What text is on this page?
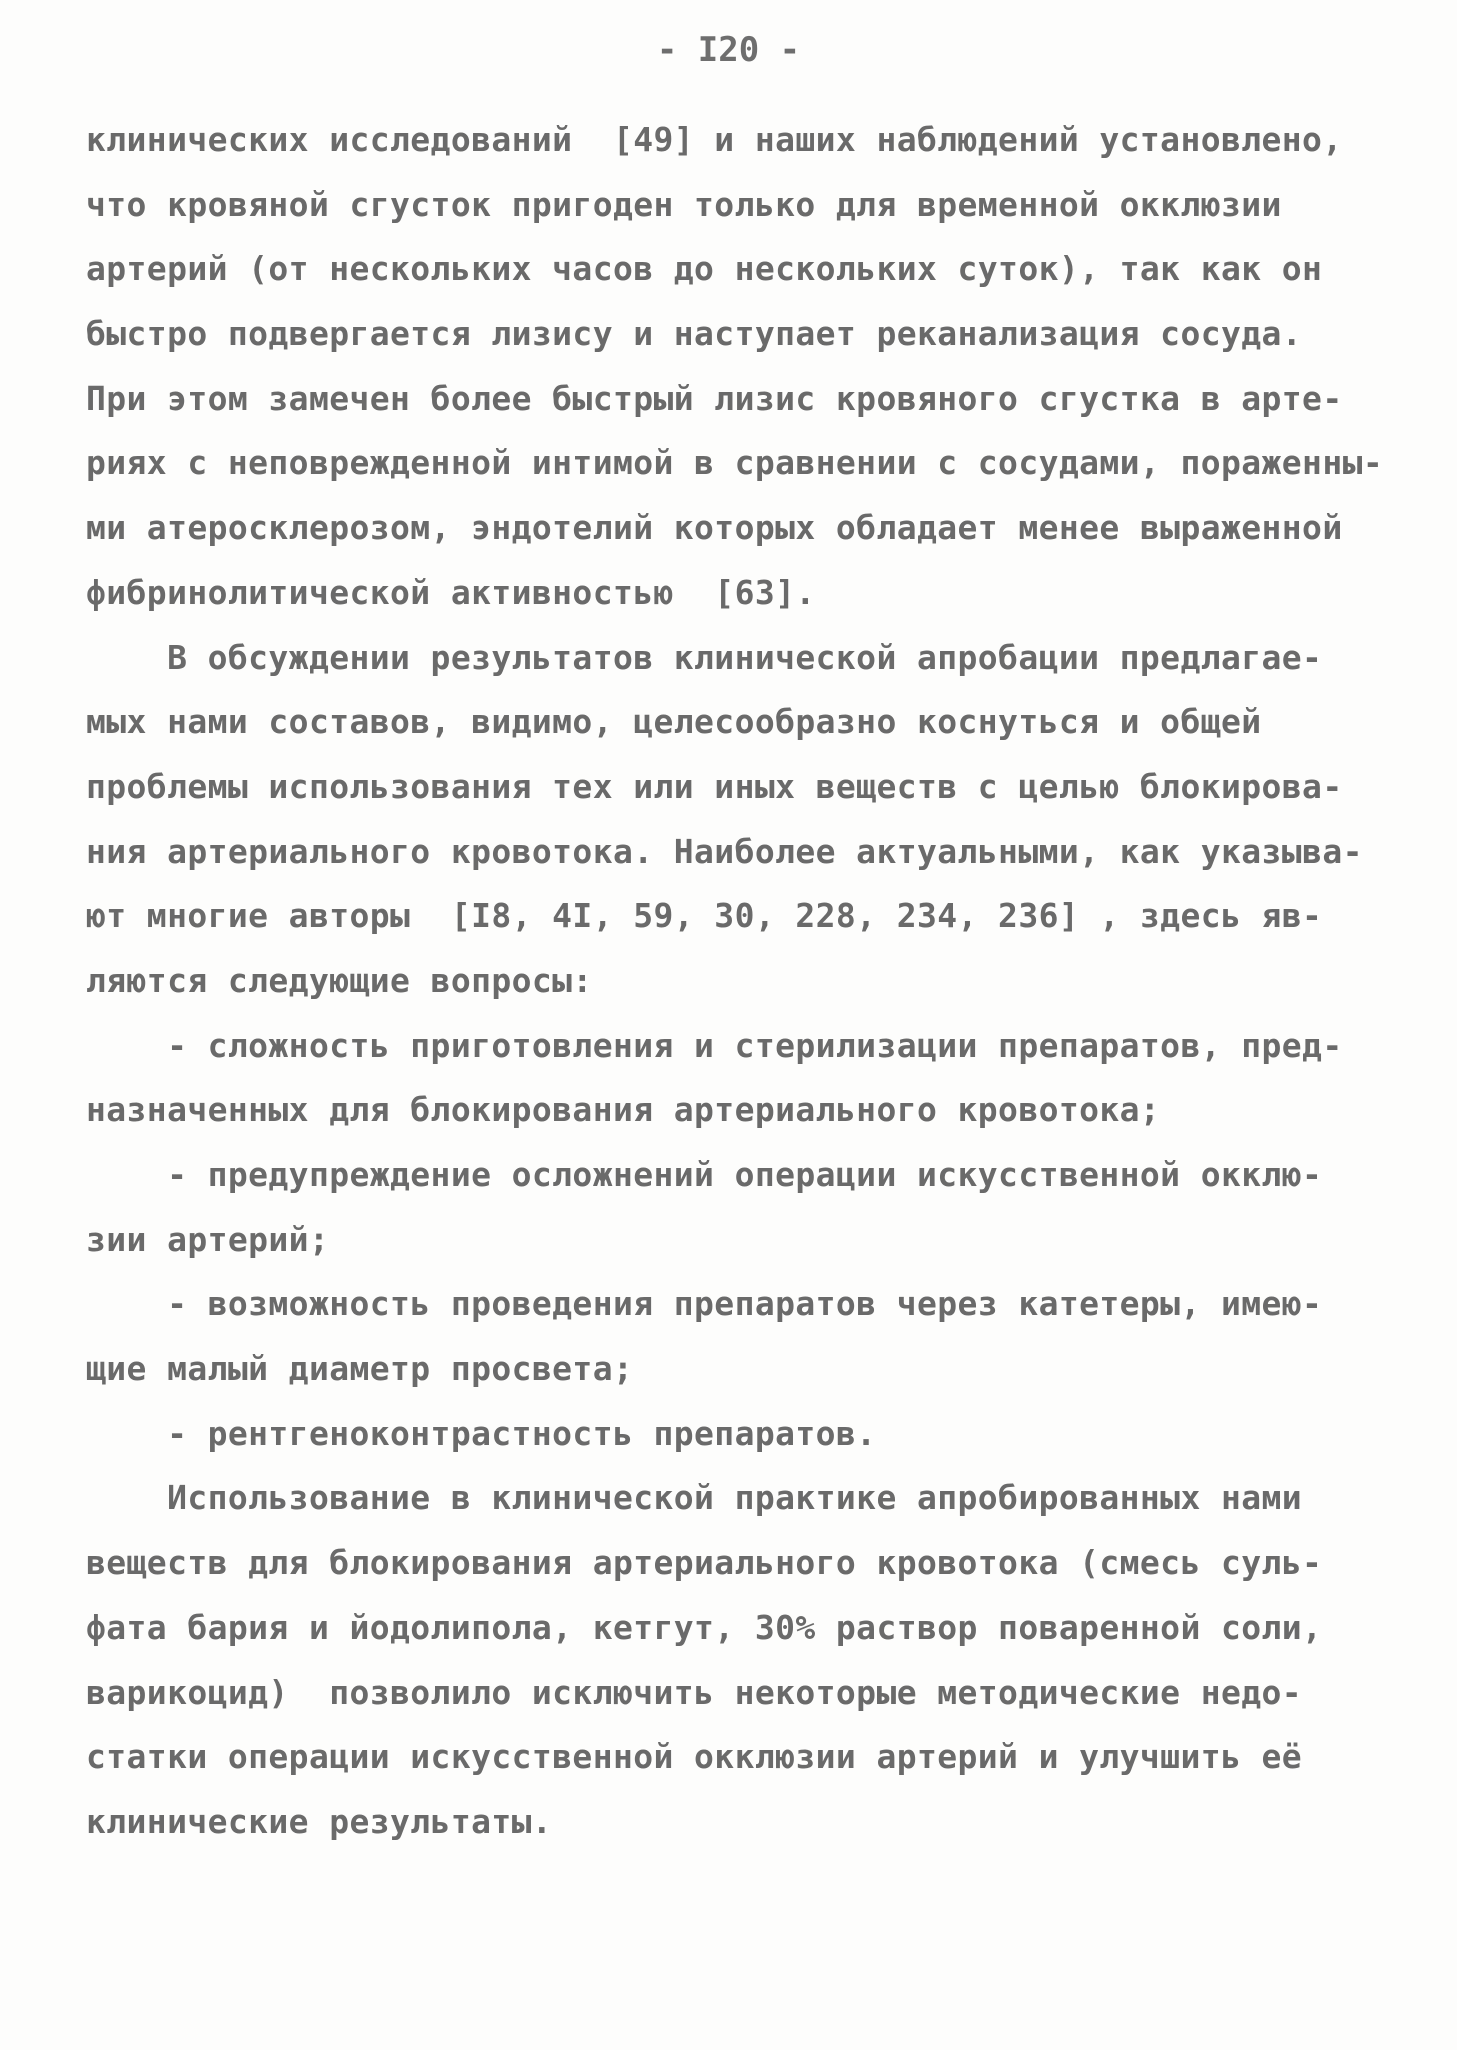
- I20 -
клинических исследований  [49] и наших наблюдений установлено,
что кровяной сгусток пригоден только для временной окклюзии
артерий (от нескольких часов до нескольких суток), так как он
быстро подвергается лизису и наступает реканализация сосуда.
При этом замечен более быстрый лизис кровяного сгустка в арте-
риях с неповрежденной интимой в сравнении с сосудами, пораженны-
ми атеросклерозом, эндотелий которых обладает менее выраженной
фибринолитической активностью  [63].
В обсуждении результатов клинической апробации предлагае-
мых нами составов, видимо, целесообразно коснуться и общей
проблемы использования тех или иных веществ с целью блокирова-
ния артериального кровотока. Наиболее актуальными, как указыва-
ют многие авторы  [I8, 4I, 59, 30, 228, 234, 236] , здесь яв-
ляются следующие вопросы:
- сложность приготовления и стерилизации препаратов, пред-
назначенных для блокирования артериального кровотока;
- предупреждение осложнений операции искусственной окклю-
зии артерий;
- возможность проведения препаратов через катетеры, имею-
щие малый диаметр просвета;
- рентгеноконтрастность препаратов.
Использование в клинической практике апробированных нами
веществ для блокирования артериального кровотока (смесь суль-
фата бария и йодолипола, кетгут, 30% раствор поваренной соли,
варикоцид)  позволило исключить некоторые методические недо-
статки операции искусственной окклюзии артерий и улучшить её
клинические результаты.
